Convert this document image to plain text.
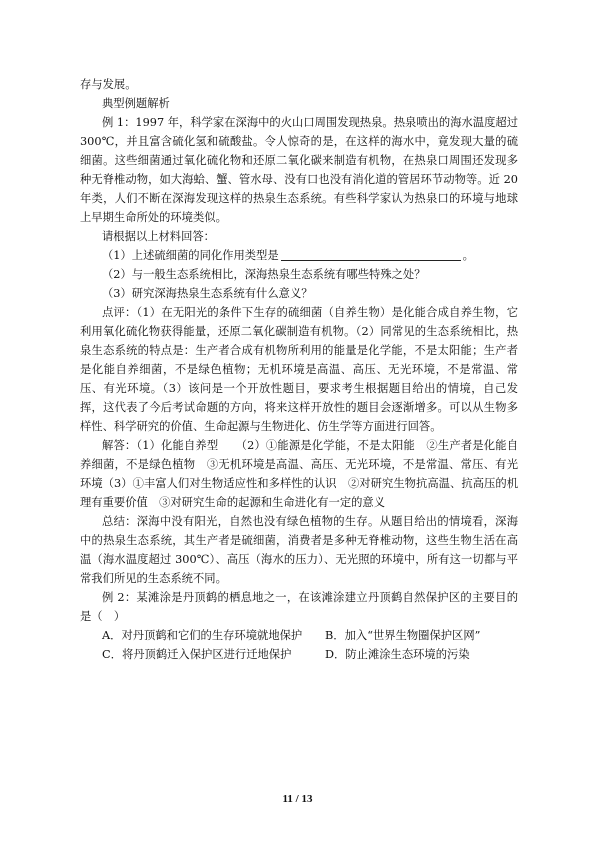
存与发展。

典型例题解析

例 1：1997 年，科学家在深海中的火山口周围发现热泉。热泉喷出的海水温度超过 300℃，并且富含硫化氢和硫酸盐。令人惊奇的是，在这样的海水中，竟发现大量的硫细菌。这些细菌通过氧化硫化物和还原二氧化碳来制造有机物，在热泉口周围还发现多种无脊椎动物，如大海蛤、蟹、管水母、没有口也没有消化道的管居环节动物等。近 20 年类，人们不断在深海发现这样的热泉生态系统。有些科学家认为热泉口的环境与地球上早期生命所处的环境类似。

请根据以上材料回答：

（1）上述硫细菌的同化作用类型是	。

（2）与一般生态系统相比，深海热泉生态系统有哪些特殊之处？

（3）研究深海热泉生态系统有什么意义？

点评：（1）在无阳光的条件下生存的硫细菌（自养生物）是化能合成自养生物，它利用氧化硫化物获得能量，还原二氧化碳制造有机物。（2）同常见的生态系统相比，热泉生态系统的特点是：生产者合成有机物所利用的能量是化学能，不是太阳能；生产者是化能自养细菌，不是绿色植物；无机环境是高温、高压、无光环境，不是常温、常压、有光环境。（3）该问是一个开放性题目，要求考生根据题目给出的情境，自己发挥，这代表了今后考试命题的方向，将来这样开放性的题目会逐渐增多。可以从生物多样性、科学研究的价值、生命起源与生物进化、仿生学等方面进行回答。

解答：（1）化能自养型　　（2）①能源是化学能，不是太阳能　②生产者是化能自养细菌，不是绿色植物　③无机环境是高温、高压、无光环境，不是常温、常压、有光环境（3）①丰富人们对生物适应性和多样性的认识　②对研究生物抗高温、抗高压的机理有重要价值　③对研究生命的起源和生命进化有一定的意义

总结：深海中没有阳光，自然也没有绿色植物的生存。从题目给出的情境看，深海中的热泉生态系统，其生产者是硫细菌，消费者是多种无脊椎动物，这些生物生活在高温（海水温度超过 300℃）、高压（海水的压力）、无光照的环境中，所有这一切都与平常我们所见的生态系统不同。

例 2：某滩涂是丹顶鹤的栖息地之一，在该滩涂建立丹顶鹤自然保护区的主要目的是（　）

A．对丹顶鹤和它们的生存环境就地保护	B．加入“世界生物圈保护区网”
C．将丹顶鹤迁入保护区进行迁地保护	D．防止滩涂生态环境的污染
11 / 13
